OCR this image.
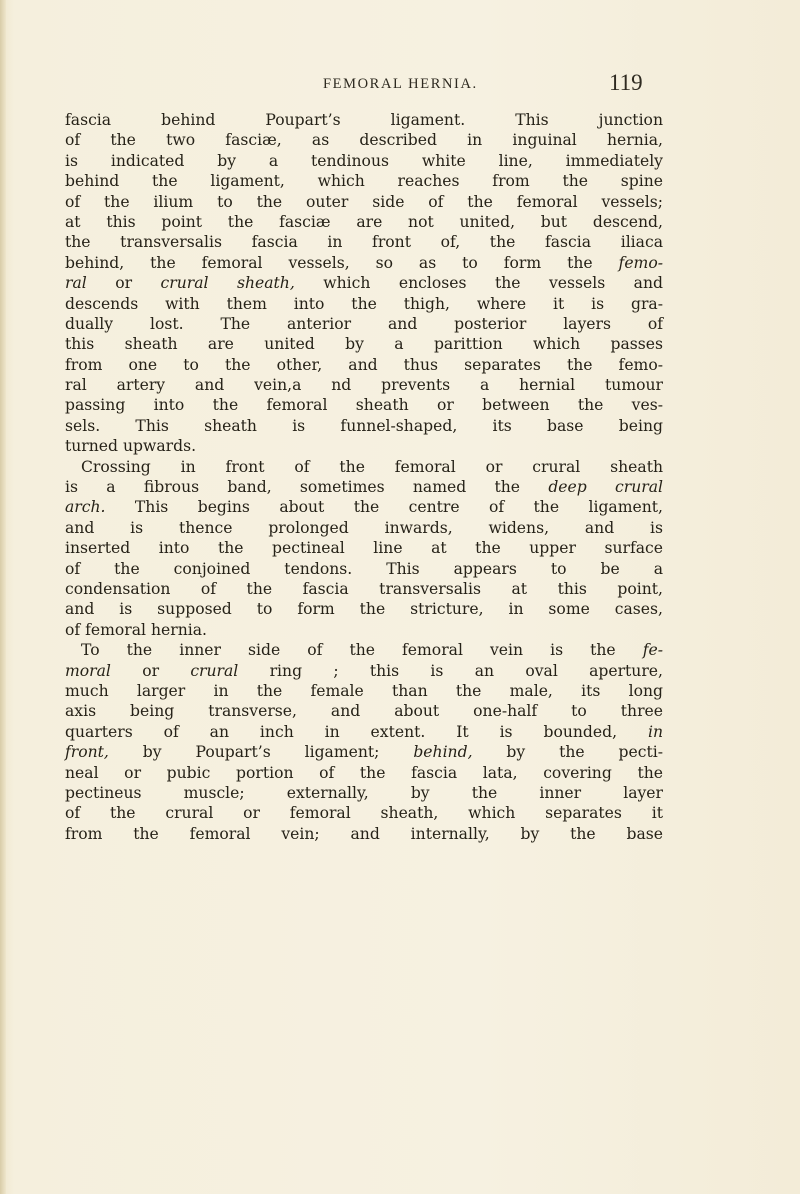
FEMORAL HERNIA.	119
fascia behind Poupart’s ligament. This junction
of the two fasciæ, as described in inguinal hernia,
is indicated by a tendinous white line, immediately
behind the ligament, which reaches from the spine
of the ilium to the outer side of the femoral vessels;
at this point the fasciæ are not united, but descend,
the transversalis fascia in front of, the fascia iliaca
behind, the femoral vessels, so as to form the femo-
ral or crural sheath, which encloses the vessels and
descends with them into the thigh, where it is gra-
dually lost. The anterior and posterior layers of
this sheath are united by a parittion which passes
from one to the other, and thus separates the femo-
ral artery and vein,a nd prevents a hernial tumour
passing into the femoral sheath or between the ves-
sels. This sheath is funnel-shaped, its base being
turned upwards.
Crossing in front of the femoral or crural sheath
is a fibrous band, sometimes named the deep crural
arch. This begins about the centre of the ligament,
and is thence prolonged inwards, widens, and is
inserted into the pectineal line at the upper surface
of the conjoined tendons. This appears to be a
condensation of the fascia transversalis at this point,
and is supposed to form the stricture, in some cases,
of femoral hernia.
To the inner side of the femoral vein is the fe-
moral or crural ring ; this is an oval aperture,
much larger in the female than the male, its long
axis being transverse, and about one-half to three
quarters of an inch in extent. It is bounded, in
front, by Poupart’s ligament; behind, by the pecti-
neal or pubic portion of the fascia lata, covering the
pectineus muscle; externally, by the inner layer
of the crural or femoral sheath, which separates it
from the femoral vein; and internally, by the base
